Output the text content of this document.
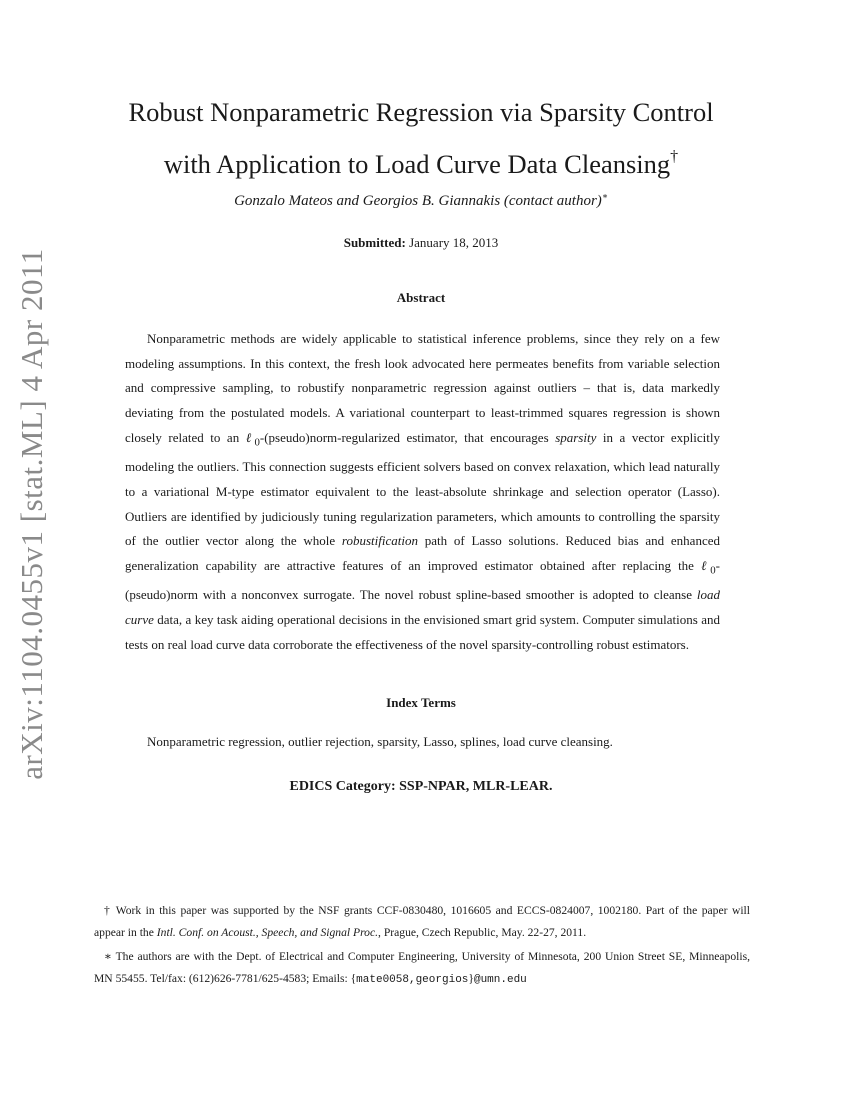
arXiv:1104.0455v1 [stat.ML] 4 Apr 2011
Robust Nonparametric Regression via Sparsity Control
with Application to Load Curve Data Cleansing†
Gonzalo Mateos and Georgios B. Giannakis (contact author)∗
Submitted: January 18, 2013
Abstract

Nonparametric methods are widely applicable to statistical inference problems, since they rely on a few modeling assumptions. In this context, the fresh look advocated here permeates benefits from variable selection and compressive sampling, to robustify nonparametric regression against outliers – that is, data markedly deviating from the postulated models. A variational counterpart to least-trimmed squares regression is shown closely related to an ℓ$_0$-(pseudo)norm-regularized estimator, that encourages sparsity in a vector explicitly modeling the outliers. This connection suggests efficient solvers based on convex relaxation, which lead naturally to a variational M-type estimator equivalent to the least-absolute shrinkage and selection operator (Lasso). Outliers are identified by judiciously tuning regularization parameters, which amounts to controlling the sparsity of the outlier vector along the whole robustification path of Lasso solutions. Reduced bias and enhanced generalization capability are attractive features of an improved estimator obtained after replacing the ℓ$_0$-(pseudo)norm with a nonconvex surrogate. The novel robust spline-based smoother is adopted to cleanse load curve data, a key task aiding operational decisions in the envisioned smart grid system. Computer simulations and tests on real load curve data corroborate the effectiveness of the novel sparsity-controlling robust estimators.

Index Terms
Nonparametric regression, outlier rejection, sparsity, Lasso, splines, load curve cleansing.
EDICS Category: SSP-NPAR, MLR-LEAR.

† Work in this paper was supported by the NSF grants CCF-0830480, 1016605 and ECCS-0824007, 1002180. Part of the paper will appear in the Intl. Conf. on Acoust., Speech, and Signal Proc., Prague, Czech Republic, May. 22-27, 2011.

∗ The authors are with the Dept. of Electrical and Computer Engineering, University of Minnesota, 200 Union Street SE, Minneapolis, MN 55455. Tel/fax: (612)626-7781/625-4583; Emails: {mate0058,georgios}@umn.edu
